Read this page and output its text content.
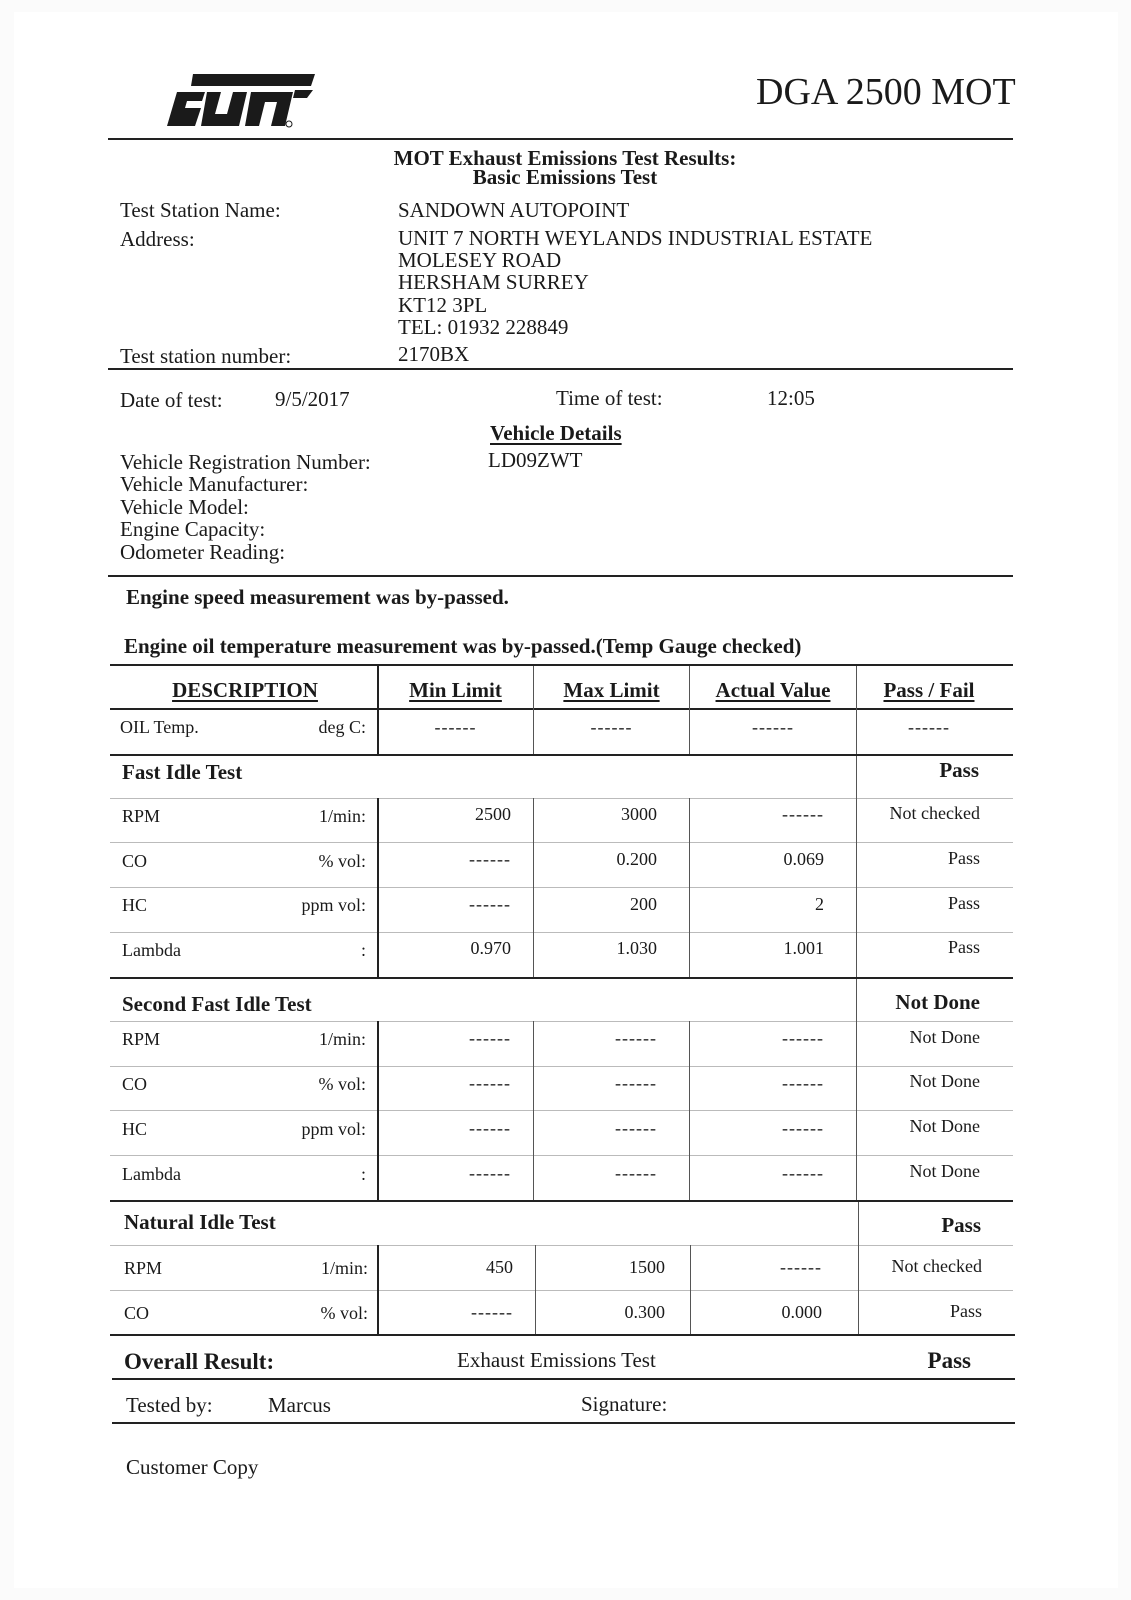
DGA 2500 MOT
MOT Exhaust Emissions Test Results:
Basic Emissions Test
Test Station Name:	SANDOWN AUTOPOINT
Address:	UNIT 7 NORTH WEYLANDS INDUSTRIAL ESTATE
MOLESEY ROAD
HERSHAM SURREY
KT12 3PL
TEL: 01932 228849
Test station number:	2170BX
Date of test: 9/5/2017	Time of test:	12:05
Vehicle Details
Vehicle Registration Number:	LD09ZWT
Vehicle Manufacturer:
Vehicle Model:
Engine Capacity:
Odometer Reading:
Engine speed measurement was by-passed.
Engine oil temperature measurement was by-passed.(Temp Gauge checked)
DESCRIPTION	Min Limit	Max Limit	Actual Value	Pass / Fail
OIL Temp.	deg C:	------	------	------	------
Fast Idle Test	Pass
RPM	1/min:	2500	3000	------	Not checked
CO	% vol:	------	0.200	0.069	Pass
HC	ppm vol:	------	200	2	Pass
Lambda	:	0.970	1.030	1.001	Pass
Second Fast Idle Test	Not Done
RPM	1/min:	------	------	------	Not Done
CO	% vol:	------	------	------	Not Done
HC	ppm vol:	------	------	------	Not Done
Lambda	:	------	------	------	Not Done
Natural Idle Test	Pass
RPM	1/min:	450	1500	------	Not checked
CO	% vol:	------	0.300	0.000	Pass
Overall Result:	Exhaust Emissions Test	Pass
Tested by:	Marcus	Signature:
Customer Copy
